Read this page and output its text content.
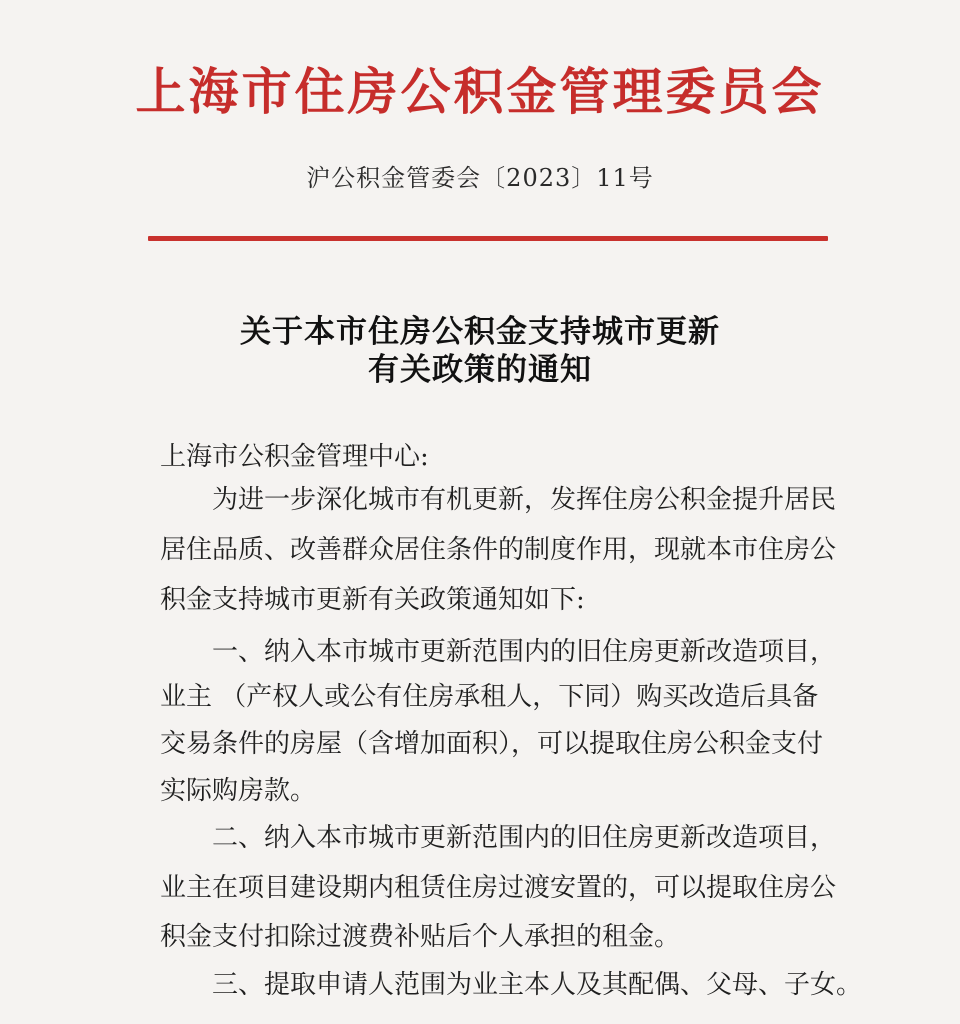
上海市住房公积金管理委员会
沪公积金管委会〔2023〕11号
关于本市住房公积金支持城市更新
有关政策的通知
上海市公积金管理中心:
为进一步深化城市有机更新，发挥住房公积金提升居民
居住品质、改善群众居住条件的制度作用，现就本市住房公
积金支持城市更新有关政策通知如下:
一、纳入本市城市更新范围内的旧住房更新改造项目，
业主 （产权人或公有住房承租人，下同）购买改造后具备
交易条件的房屋（含增加面积），可以提取住房公积金支付
实际购房款。
二、纳入本市城市更新范围内的旧住房更新改造项目，
业主在项目建设期内租赁住房过渡安置的，可以提取住房公
积金支付扣除过渡费补贴后个人承担的租金。
三、提取申请人范围为业主本人及其配偶、父母、子女。
